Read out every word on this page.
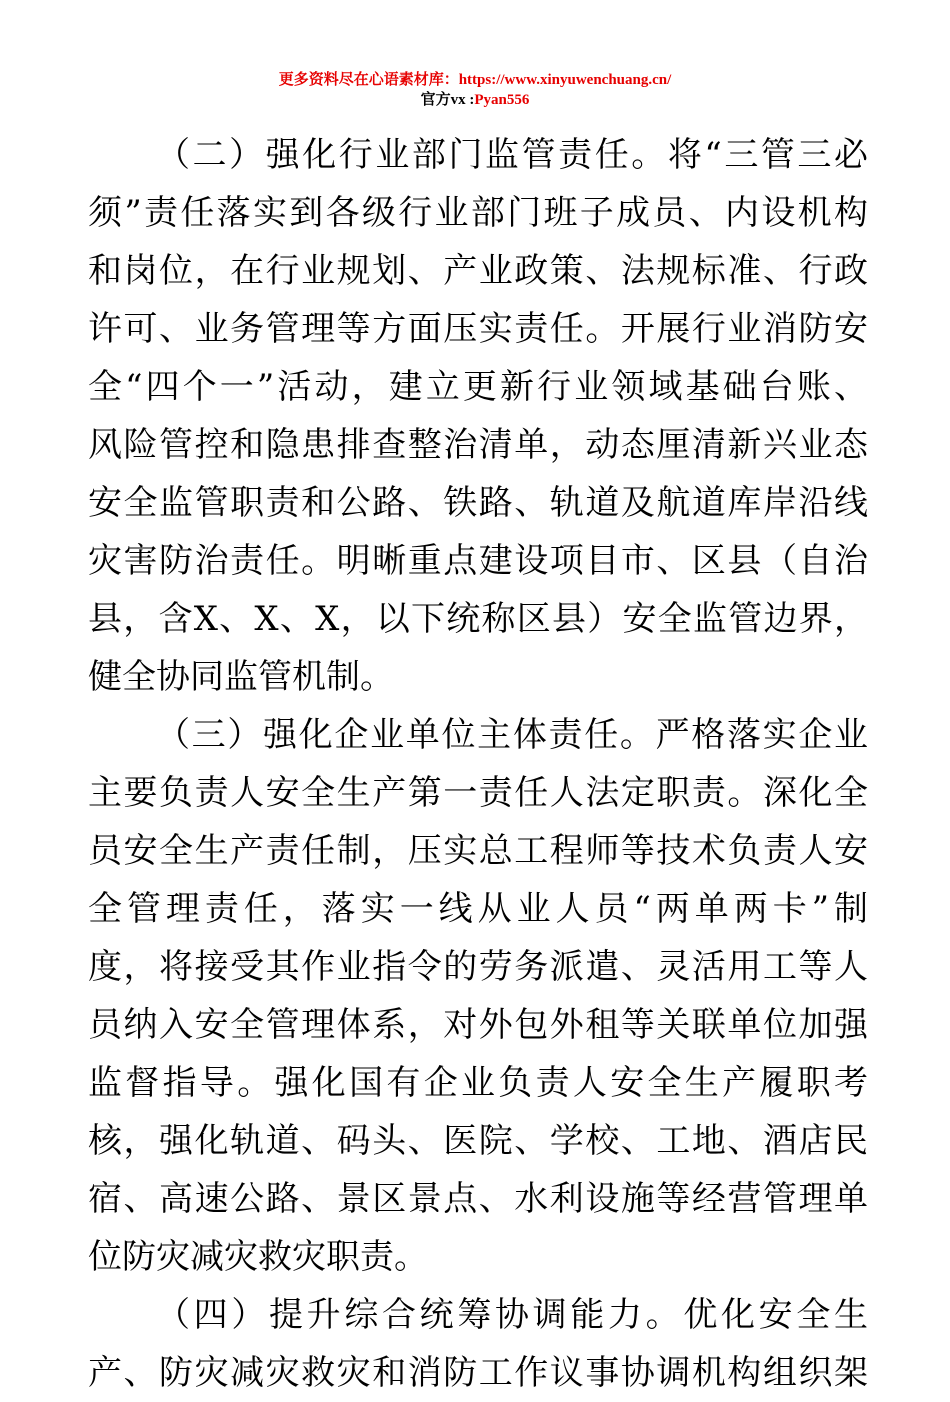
更多资料尽在心语素材库：https://www.xinyuwenchuang.cn/
官方vx :Pyan556
（二）强化行业部门监管责任。将“三管三必
须”责任落实到各级行业部门班子成员、内设机构
和岗位，在行业规划、产业政策、法规标准、行政
许可、业务管理等方面压实责任。开展行业消防安
全“四个一”活动，建立更新行业领域基础台账、
风险管控和隐患排查整治清单，动态厘清新兴业态
安全监管职责和公路、铁路、轨道及航道库岸沿线
灾害防治责任。明晰重点建设项目市、区县（自治
县，含X、X、X，以下统称区县）安全监管边界，
健全协同监管机制。
（三）强化企业单位主体责任。严格落实企业
主要负责人安全生产第一责任人法定职责。深化全
员安全生产责任制，压实总工程师等技术负责人安
全管理责任，落实一线从业人员“两单两卡”制
度，将接受其作业指令的劳务派遣、灵活用工等人
员纳入安全管理体系，对外包外租等关联单位加强
监督指导。强化国有企业负责人安全生产履职考
核，强化轨道、码头、医院、学校、工地、酒店民
宿、高速公路、景区景点、水利设施等经营管理单
位防灾减灾救灾职责。
（四）提升综合统筹协调能力。优化安全生
产、防灾减灾救灾和消防工作议事协调机构组织架
